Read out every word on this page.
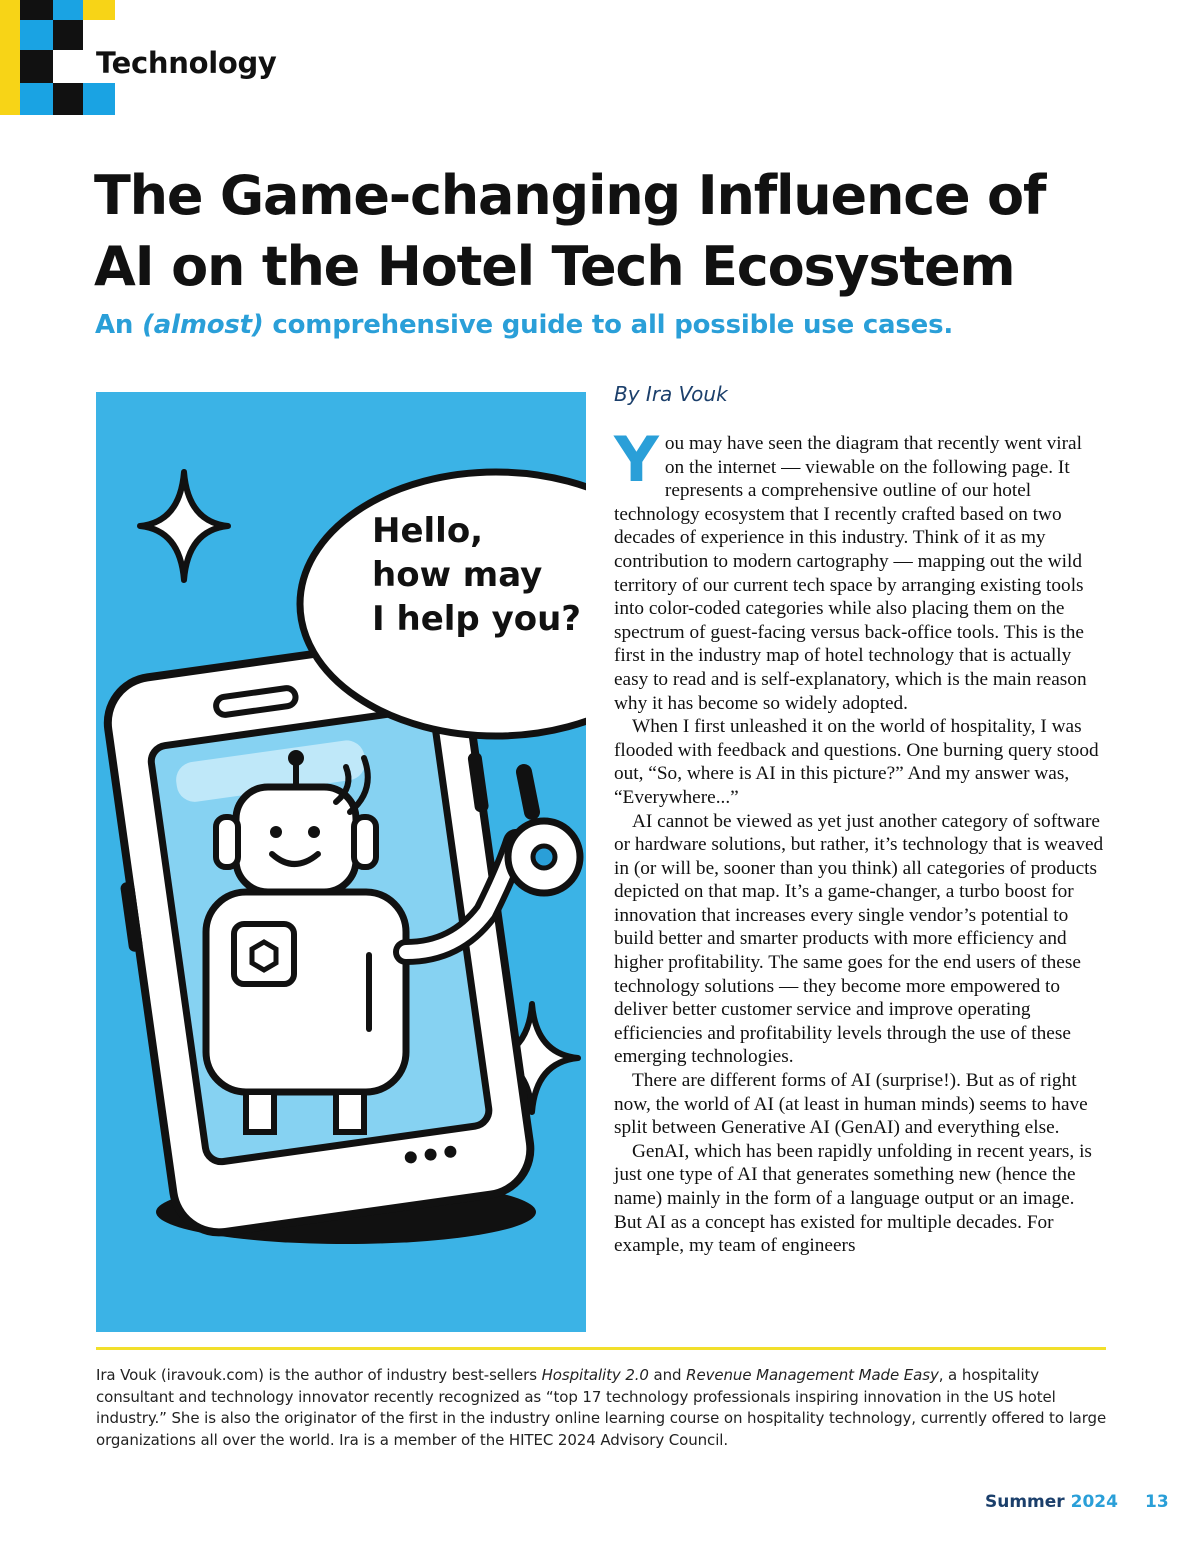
Technology
The Game-changing Influence of
AI on the Hotel Tech Ecosystem

An (almost) comprehensive guide to all possible use cases.

Hello,
how may
I help you?

By Ira Vouk

You may have seen the diagram that recently went viral on the internet — viewable on the following page. It represents a comprehensive outline of our hotel technology ecosystem that I recently crafted based on two decades of experience in this industry. Think of it as my contribution to modern cartography — mapping out the wild territory of our current tech space by arranging existing tools into color-coded categories while also placing them on the spectrum of guest-facing versus back-office tools. This is the first in the industry map of hotel technology that is actually easy to read and is self-explanatory, which is the main reason why it has become so widely adopted.

When I first unleashed it on the world of hospitality, I was flooded with feedback and questions. One burning query stood out, “So, where is AI in this picture?” And my answer was, “Everywhere...”

AI cannot be viewed as yet just another category of software or hardware solutions, but rather, it’s technology that is weaved in (or will be, sooner than you think) all categories of products depicted on that map. It’s a game-changer, a turbo boost for innovation that increases every single vendor’s potential to build better and smarter products with more efficiency and higher profitability. The same goes for the end users of these technology solutions — they become more empowered to deliver better customer service and improve operating efficiencies and profitability levels through the use of these emerging technologies.

There are different forms of AI (surprise!). But as of right now, the world of AI (at least in human minds) seems to have split between Generative AI (GenAI) and everything else.

GenAI, which has been rapidly unfolding in recent years, is just one type of AI that generates something new (hence the name) mainly in the form of a language output or an image. But AI as a concept has existed for multiple decades. For example, my team of engineers

Ira Vouk (iravouk.com) is the author of industry best-sellers Hospitality 2.0 and Revenue Management Made Easy, a hospitality consultant and technology innovator recently recognized as “top 17 technology professionals inspiring innovation in the US hotel industry.” She is also the originator of the first in the industry online learning course on hospitality technology, currently offered to large organizations all over the world. Ira is a member of the HITEC 2024 Advisory Council.

Summer 2024 13
